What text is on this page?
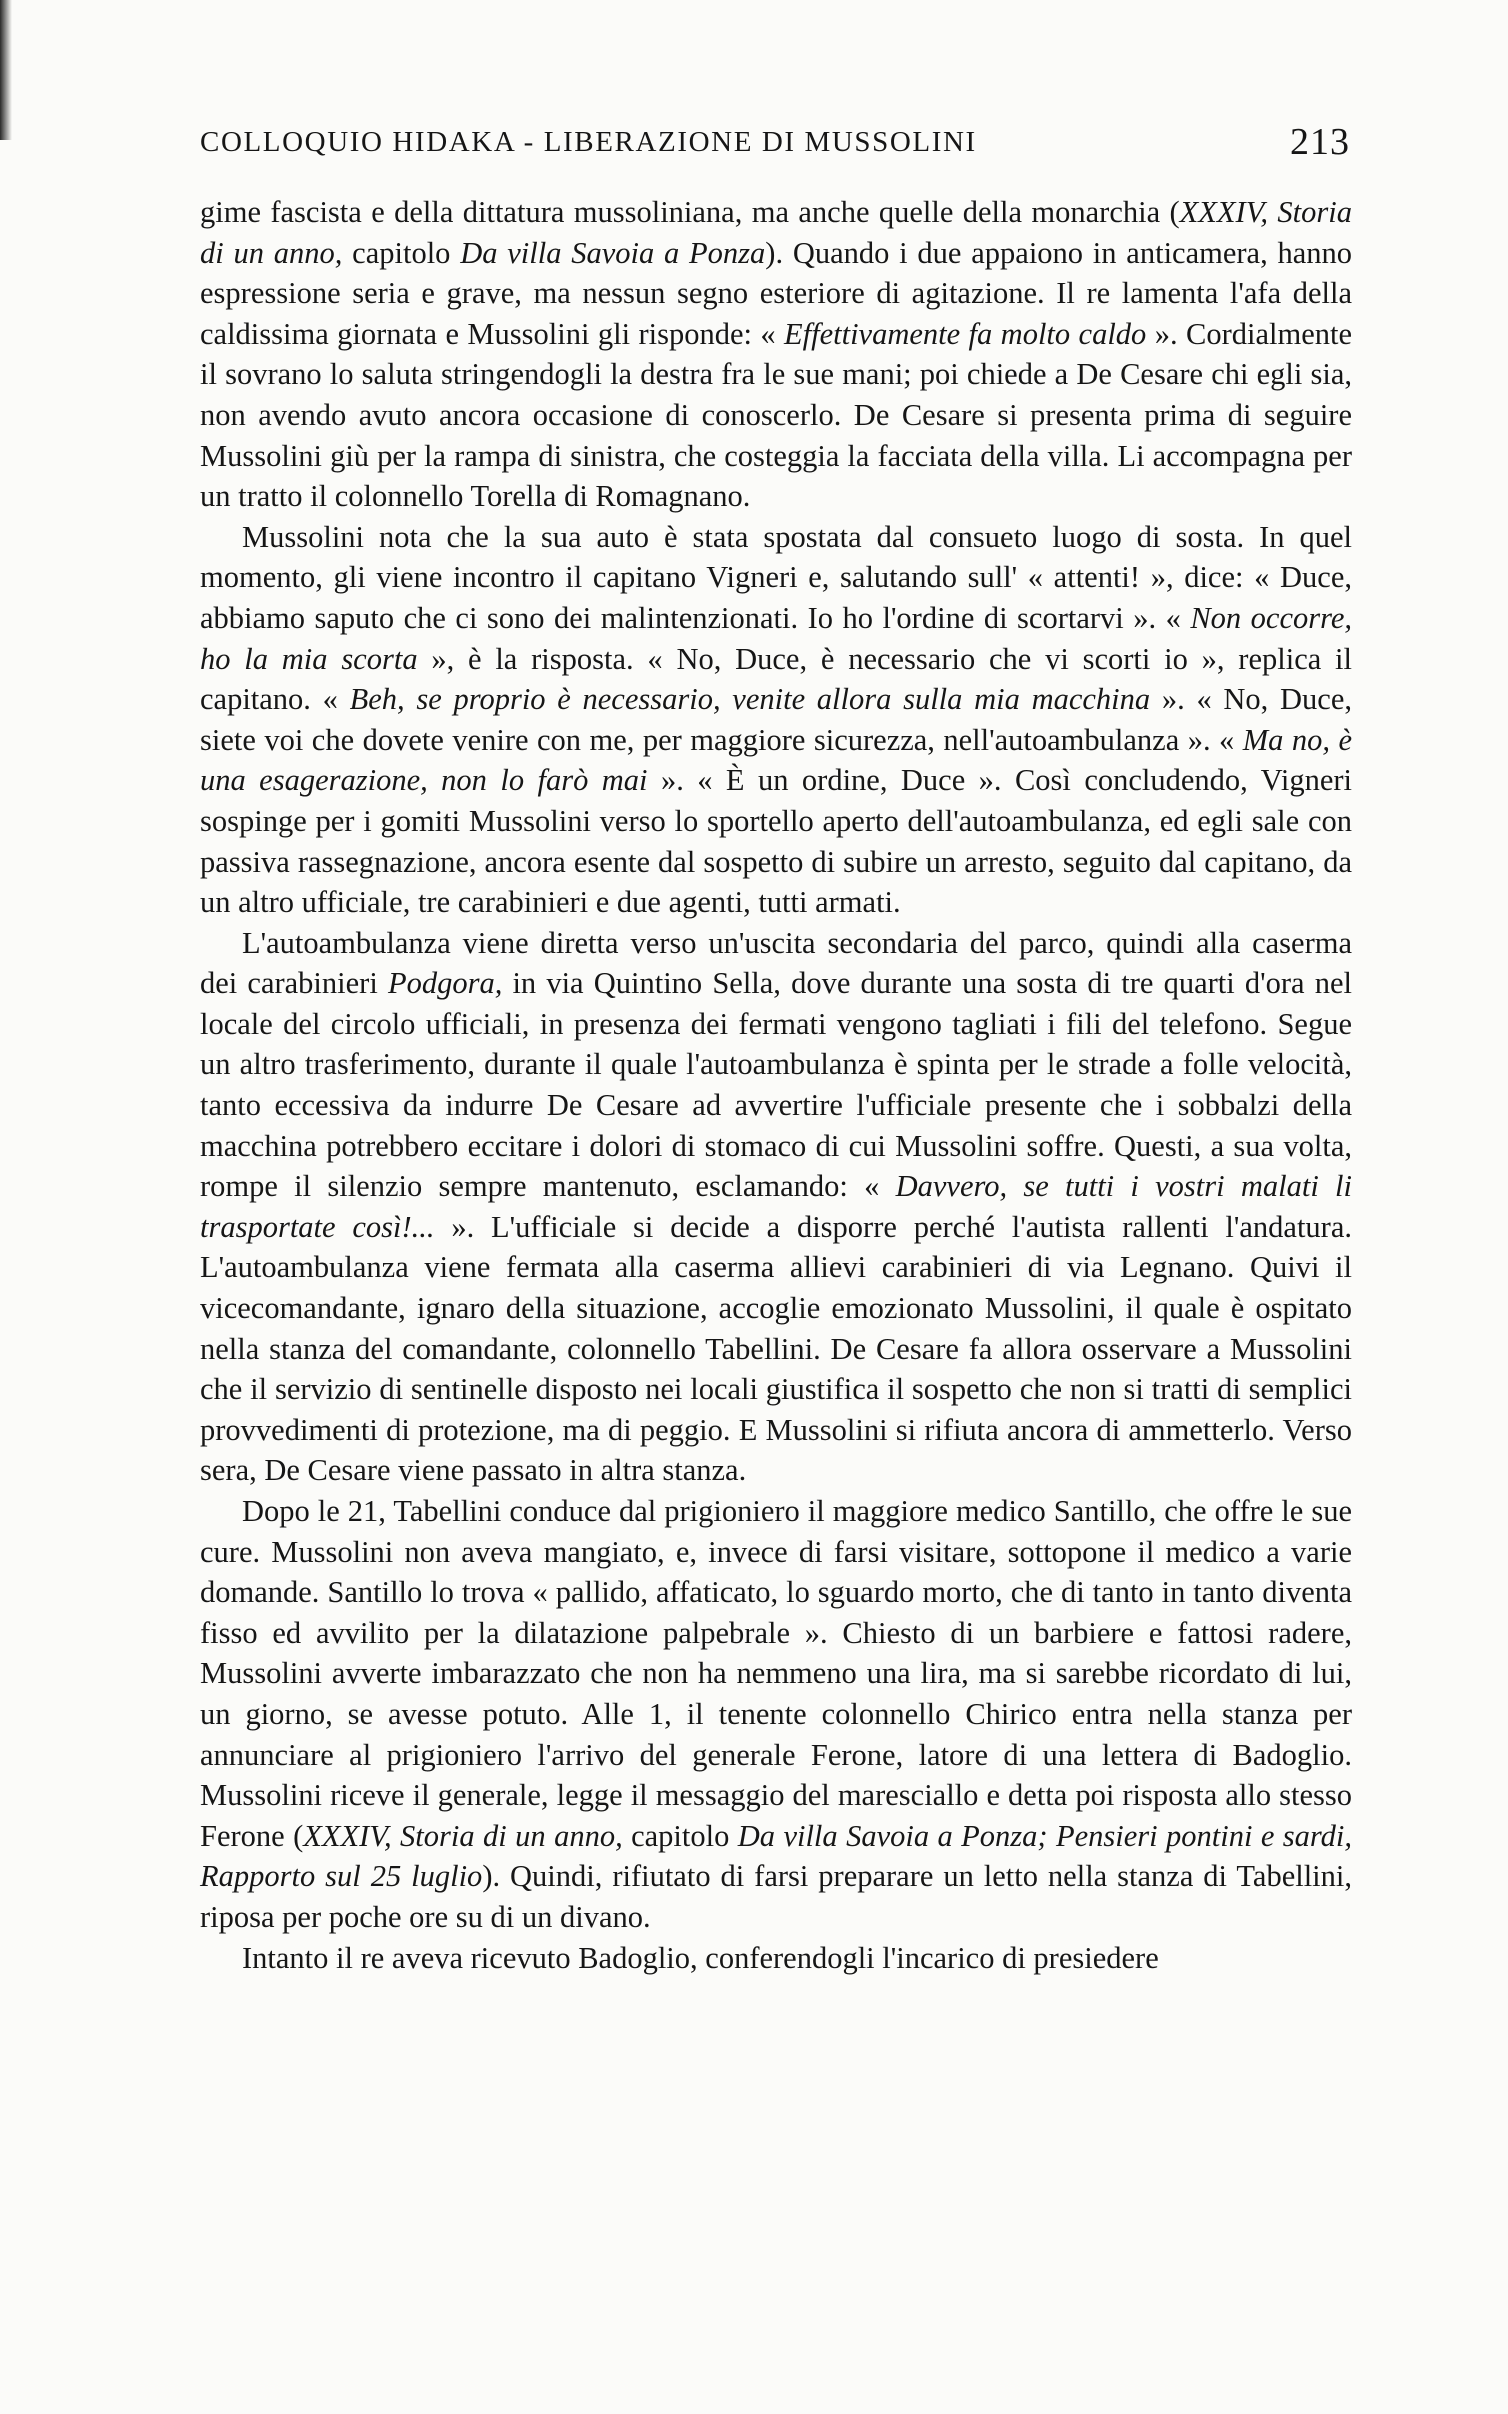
COLLOQUIO HIDAKA - LIBERAZIONE DI MUSSOLINI	213

gime fascista e della dittatura mussoliniana, ma anche quelle della monarchia (XXXIV, Storia di un anno, capitolo Da villa Savoia a Ponza). Quando i due appaiono in anticamera, hanno espressione seria e grave, ma nessun segno esteriore di agitazione. Il re lamenta l'afa della caldissima giornata e Mussolini gli risponde: « Effettivamente fa molto caldo ». Cordialmente il sovrano lo saluta stringendogli la destra fra le sue mani; poi chiede a De Cesare chi egli sia, non avendo avuto ancora occasione di conoscerlo. De Cesare si presenta prima di seguire Mussolini giù per la rampa di sinistra, che costeggia la facciata della villa. Li accompagna per un tratto il colonnello Torella di Romagnano.

Mussolini nota che la sua auto è stata spostata dal consueto luogo di sosta. In quel momento, gli viene incontro il capitano Vigneri e, salutando sull' « attenti! », dice: « Duce, abbiamo saputo che ci sono dei malintenzionati. Io ho l'ordine di scortarvi ». « Non occorre, ho la mia scorta », è la risposta. « No, Duce, è necessario che vi scorti io », replica il capitano. « Beh, se proprio è necessario, venite allora sulla mia macchina ». « No, Duce, siete voi che dovete venire con me, per maggiore sicurezza, nell'autoambulanza ». « Ma no, è una esagerazione, non lo farò mai ». « È un ordine, Duce ». Così concludendo, Vigneri sospinge per i gomiti Mussolini verso lo sportello aperto dell'autoambulanza, ed egli sale con passiva rassegnazione, ancora esente dal sospetto di subire un arresto, seguito dal capitano, da un altro ufficiale, tre carabinieri e due agenti, tutti armati.

L'autoambulanza viene diretta verso un'uscita secondaria del parco, quindi alla caserma dei carabinieri Podgora, in via Quintino Sella, dove durante una sosta di tre quarti d'ora nel locale del circolo ufficiali, in presenza dei fermati vengono tagliati i fili del telefono. Segue un altro trasferimento, durante il quale l'autoambulanza è spinta per le strade a folle velocità, tanto eccessiva da indurre De Cesare ad avvertire l'ufficiale presente che i sobbalzi della macchina potrebbero eccitare i dolori di stomaco di cui Mussolini soffre. Questi, a sua volta, rompe il silenzio sempre mantenuto, esclamando: « Davvero, se tutti i vostri malati li trasportate così!... ». L'ufficiale si decide a disporre perché l'autista rallenti l'andatura. L'autoambulanza viene fermata alla caserma allievi carabinieri di via Legnano. Quivi il vicecomandante, ignaro della situazione, accoglie emozionato Mussolini, il quale è ospitato nella stanza del comandante, colonnello Tabellini. De Cesare fa allora osservare a Mussolini che il servizio di sentinelle disposto nei locali giustifica il sospetto che non si tratti di semplici provvedimenti di protezione, ma di peggio. E Mussolini si rifiuta ancora di ammetterlo. Verso sera, De Cesare viene passato in altra stanza.

Dopo le 21, Tabellini conduce dal prigioniero il maggiore medico Santillo, che offre le sue cure. Mussolini non aveva mangiato, e, invece di farsi visitare, sottopone il medico a varie domande. Santillo lo trova « pallido, affaticato, lo sguardo morto, che di tanto in tanto diventa fisso ed avvilito per la dilatazione palpebrale ». Chiesto di un barbiere e fattosi radere, Mussolini avverte imbarazzato che non ha nemmeno una lira, ma si sarebbe ricordato di lui, un giorno, se avesse potuto. Alle 1, il tenente colonnello Chirico entra nella stanza per annunciare al prigioniero l'arrivo del generale Ferone, latore di una lettera di Badoglio. Mussolini riceve il generale, legge il messaggio del maresciallo e detta poi risposta allo stesso Ferone (XXXIV, Storia di un anno, capitolo Da villa Savoia a Ponza; Pensieri pontini e sardi, Rapporto sul 25 luglio). Quindi, rifiutato di farsi preparare un letto nella stanza di Tabellini, riposa per poche ore su di un divano.

Intanto il re aveva ricevuto Badoglio, conferendogli l'incarico di presiedere
